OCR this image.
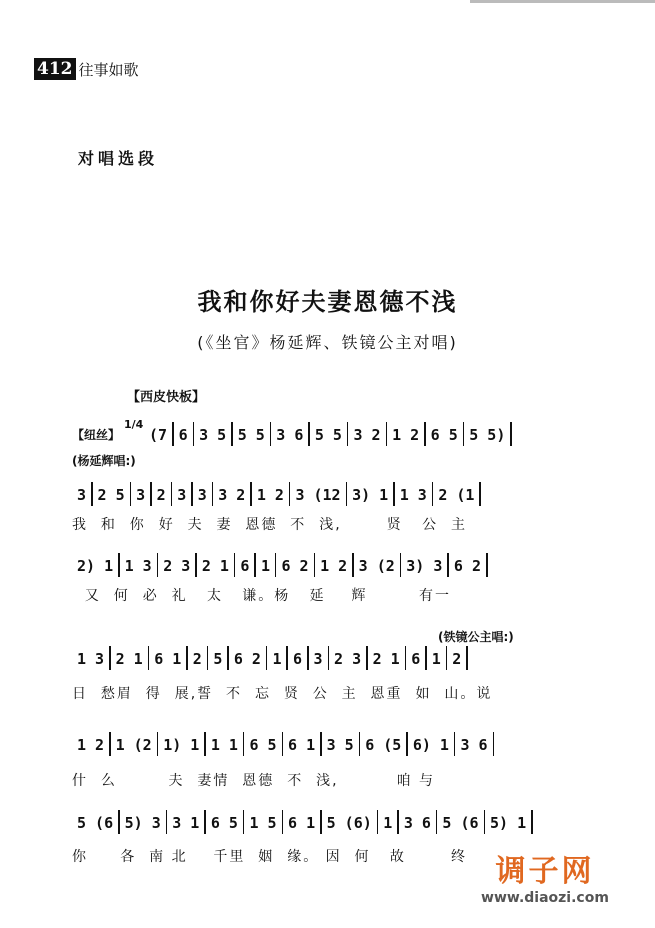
412 往事如歌
对唱选段
我和你好夫妻恩德不浅
(《坐官》杨延辉、铁镜公主对唱)
【西皮快板】
【纽丝】
1/4
(杨延辉唱:)
(铁镜公主唱:)
(7 6 3 5 5 5 3 6 5 5 3 2 1 2 6 5 5 5)
3 2 5 3 2 3 3 3 2 1 2 3 (12 3) 1 1 3 2 (1
我  和  你  好  夫  妻  恩德  不  浅,       贤   公  主
2) 1 1 3 2 3 2 1 6 1 6 2 1 2 3 (2 3) 3 6 2
又  何  必  礼   太   谦。杨   延    辉        有一
1 3 2 1 6 1 2 5 6 2 1 6 3 2 3 2 1 6 1 2
日  愁眉  得  展,誓  不  忘  贤  公  主  恩重  如  山。说
1 2 1 (2 1) 1 1 1 6 5 6 1 3 5 6 (5 6) 1 3 6
什  么        夫  妻情  恩德  不  浅,         咱 与
5 (6 5) 3 3 1 6 5 1 5 6 1 5 (6) 1 3 6 5 (6 5) 1
你     各  南 北    千里  姻  缘。 因  何   故       终 调子网
www.diaozi.com
